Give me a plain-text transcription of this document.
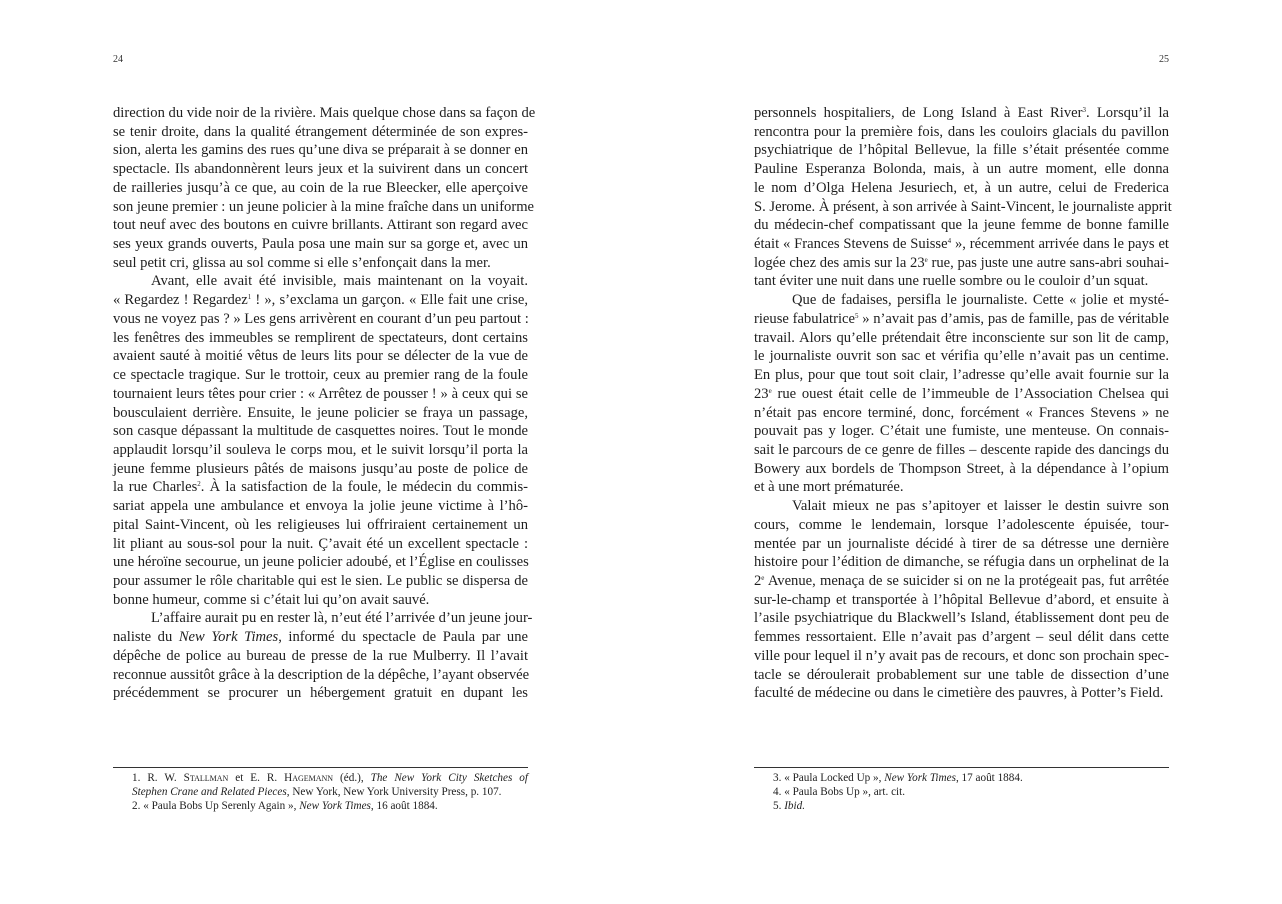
24
direction du vide noir de la rivière. Mais quelque chose dans sa façon de
se tenir droite, dans la qualité étrangement déterminée de son expres-
sion, alerta les gamins des rues qu’une diva se préparait à se donner en
spectacle. Ils abandonnèrent leurs jeux et la suivirent dans un concert
de railleries jusqu’à ce que, au coin de la rue Bleecker, elle aperçoive
son jeune premier : un jeune policier à la mine fraîche dans un uniforme
tout neuf avec des boutons en cuivre brillants. Attirant son regard avec
ses yeux grands ouverts, Paula posa une main sur sa gorge et, avec un
seul petit cri, glissa au sol comme si elle s’enfonçait dans la mer.
Avant, elle avait été invisible, mais maintenant on la voyait.
« Regardez ! Regardez$^1$ ! », s’exclama un garçon. « Elle fait une crise,
vous ne voyez pas ? » Les gens arrivèrent en courant d’un peu partout :
les fenêtres des immeubles se remplirent de spectateurs, dont certains
avaient sauté à moitié vêtus de leurs lits pour se délecter de la vue de
ce spectacle tragique. Sur le trottoir, ceux au premier rang de la foule
tournaient leurs têtes pour crier : « Arrêtez de pousser ! » à ceux qui se
bousculaient derrière. Ensuite, le jeune policier se fraya un passage,
son casque dépassant la multitude de casquettes noires. Tout le monde
applaudit lorsqu’il souleva le corps mou, et le suivit lorsqu’il porta la
jeune femme plusieurs pâtés de maisons jusqu’au poste de police de
la rue Charles$^2$. À la satisfaction de la foule, le médecin du commis-
sariat appela une ambulance et envoya la jolie jeune victime à l’hô-
pital Saint-Vincent, où les religieuses lui offriraient certainement un
lit pliant au sous-sol pour la nuit. Ç’avait été un excellent spectacle :
une héroïne secourue, un jeune policier adoubé, et l’Église en coulisses
pour assumer le rôle charitable qui est le sien. Le public se dispersa de
bonne humeur, comme si c’était lui qu’on avait sauvé.
L’affaire aurait pu en rester là, n’eut été l’arrivée d’un jeune jour-
naliste du New York Times, informé du spectacle de Paula par une
dépêche de police au bureau de presse de la rue Mulberry. Il l’avait
reconnue aussitôt grâce à la description de la dépêche, l’ayant observée
précédemment se procurer un hébergement gratuit en dupant les
1. R. W. Stallman et E. R. Hagemann (éd.), The New York City Sketches of
Stephen Crane and Related Pieces, New York, New York University Press, p. 107.
2. « Paula Bobs Up Serenly Again », New York Times, 16 août 1884.
25
personnels hospitaliers, de Long Island à East River$^3$. Lorsqu’il la
rencontra pour la première fois, dans les couloirs glacials du pavillon
psychiatrique de l’hôpital Bellevue, la fille s’était présentée comme
Pauline Esperanza Bolonda, mais, à un autre moment, elle donna
le nom d’Olga Helena Jesuriech, et, à un autre, celui de Frederica
S. Jerome. À présent, à son arrivée à Saint-Vincent, le journaliste apprit
du médecin-chef compatissant que la jeune femme de bonne famille
était « Frances Stevens de Suisse$^4$ », récemment arrivée dans le pays et
logée chez des amis sur la 23e rue, pas juste une autre sans-abri souhai-
tant éviter une nuit dans une ruelle sombre ou le couloir d’un squat.
Que de fadaises, persifla le journaliste. Cette « jolie et mysté-
rieuse fabulatrice$^5$ » n’avait pas d’amis, pas de famille, pas de véritable
travail. Alors qu’elle prétendait être inconsciente sur son lit de camp,
le journaliste ouvrit son sac et vérifia qu’elle n’avait pas un centime.
En plus, pour que tout soit clair, l’adresse qu’elle avait fournie sur la
23e rue ouest était celle de l’immeuble de l’Association Chelsea qui
n’était pas encore terminé, donc, forcément « Frances Stevens » ne
pouvait pas y loger. C’était une fumiste, une menteuse. On connais-
sait le parcours de ce genre de filles – descente rapide des dancings du
Bowery aux bordels de Thompson Street, à la dépendance à l’opium
et à une mort prématurée.
Valait mieux ne pas s’apitoyer et laisser le destin suivre son
cours, comme le lendemain, lorsque l’adolescente épuisée, tour-
mentée par un journaliste décidé à tirer de sa détresse une dernière
histoire pour l’édition de dimanche, se réfugia dans un orphelinat de la
2e Avenue, menaça de se suicider si on ne la protégeait pas, fut arrêtée
sur-le-champ et transportée à l’hôpital Bellevue d’abord, et ensuite à
l’asile psychiatrique du Blackwell’s Island, établissement dont peu de
femmes ressortaient. Elle n’avait pas d’argent – seul délit dans cette
ville pour lequel il n’y avait pas de recours, et donc son prochain spec-
tacle se déroulerait probablement sur une table de dissection d’une
faculté de médecine ou dans le cimetière des pauvres, à Potter’s Field.
3. « Paula Locked Up », New York Times, 17 août 1884.
4. « Paula Bobs Up », art. cit.
5. Ibid.
